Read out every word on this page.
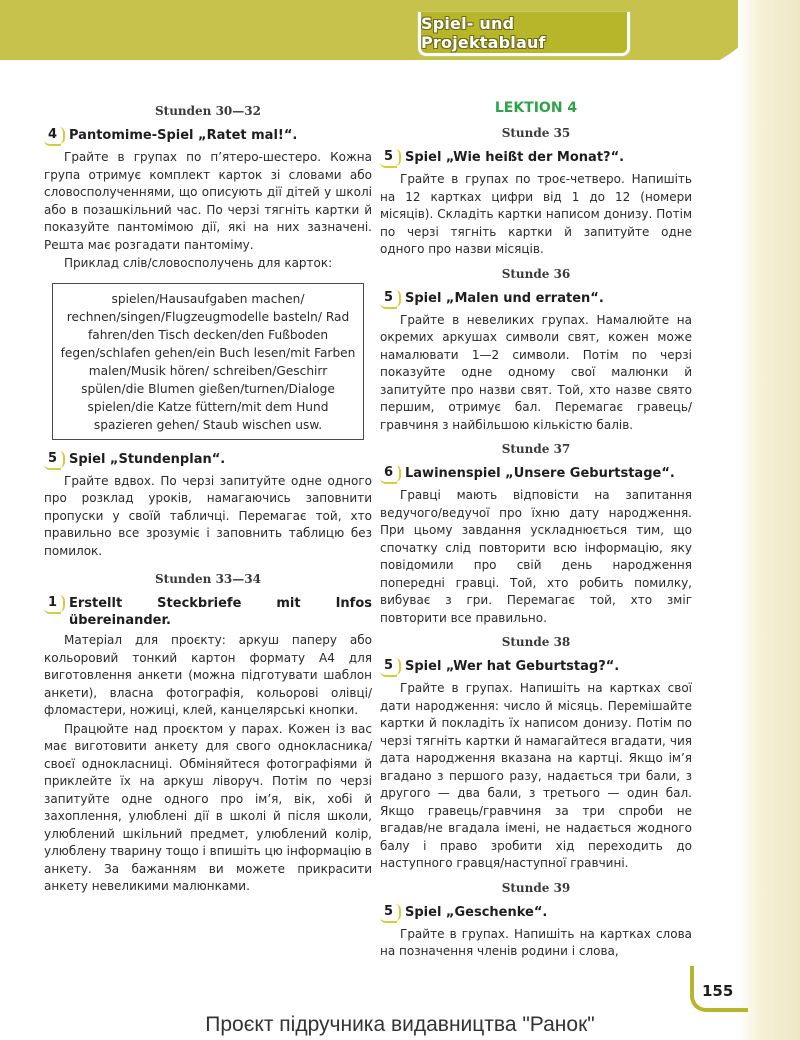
Spiel- und Projektablauf
Stunden 30—32
4 Pantomime-Spiel „Ratet mal!“.

Грайте в групах по п’ятеро-шестеро. Кожна група отримує комплект карток зі словами або словосполученнями, що описують дії дітей у школі або в позашкільний час. По черзі тягніть картки й показуйте пантомімою дії, які на них зазначені. Решта має розгадати пантоміму.

Приклад слів/словосполучень для карток:

spielen/Hausaufgaben machen/ rechnen/singen/Flugzeugmodelle basteln/ Rad fahren/den Tisch decken/den Fußboden fegen/schlafen gehen/ein Buch lesen/mit Farben malen/Musik hören/ schreiben/Geschirr spülen/die Blumen gießen/turnen/Dialoge spielen/die Katze füttern/mit dem Hund spazieren gehen/ Staub wischen usw.
5 Spiel „Stundenplan“.

Грайте вдвох. По черзі запитуйте одне одного про розклад уроків, намагаючись заповнити пропуски у своїй табличці. Перемагає той, хто правильно все зрозуміє і заповнить таблицю без помилок.

Stunden 33—34
1 Erstellt Steckbriefe mit Infos übereinander.

Матеріал для проєкту: аркуш паперу або кольоровий тонкий картон формату А4 для виготовлення анкети (можна підготувати шаблон анкети), власна фотографія, кольорові олівці/фломастери, ножиці, клей, канцелярські кнопки.

Працюйте над проєктом у парах. Кожен із вас має виготовити анкету для свого однокласника/своєї однокласниці. Обміняйтеся фотографіями й приклейте їх на аркуш ліворуч. Потім по черзі запитуйте одне одного про ім’я, вік, хобі й захоплення, улюблені дії в школі й після школи, улюблений шкільний предмет, улюблений колір, улюблену тварину тощо і впишіть цю інформацію в анкету. За бажанням ви можете прикрасити анкету невеликими малюнками.

LEKTION 4
Stunde 35
5 Spiel „Wie heißt der Monat?“.

Грайте в групах по троє-четверо. Напишіть на 12 картках цифри від 1 до 12 (номери місяців). Складіть картки написом донизу. Потім по черзі тягніть картки й запитуйте одне одного про назви місяців.

Stunde 36
5 Spiel „Malen und erraten“.

Грайте в невеликих групах. Намалюйте на окремих аркушах символи свят, кожен може намалювати 1—2 символи. Потім по черзі показуйте одне одному свої малюнки й запитуйте про назви свят. Той, хто назве свято першим, отримує бал. Перемагає гравець/гравчиня з найбільшою кількістю балів.

Stunde 37
6 Lawinenspiel „Unsere Geburtstage“.

Гравці мають відповісти на запитання ведучого/ведучої про їхню дату народження. При цьому завдання ускладнюється тим, що спочатку слід повторити всю інформацію, яку повідомили про свій день народження попередні гравці. Той, хто робить помилку, вибуває з гри. Перемагає той, хто зміг повторити все правильно.

Stunde 38
5 Spiel „Wer hat Geburtstag?“.

Грайте в групах. Напишіть на картках свої дати народження: число й місяць. Перемішайте картки й покладіть їх написом донизу. Потім по черзі тягніть картки й намагайтеся вгадати, чия дата народження вказана на картці. Якщо ім’я вгадано з першого разу, надається три бали, з другого — два бали, з третього — один бал. Якщо гравець/гравчиня за три спроби не вгадав/не вгадала імені, не надається жодного балу і право зробити хід переходить до наступного гравця/наступної гравчині.

Stunde 39
5 Spiel „Geschenke“.

Грайте в групах. Напишіть на картках слова на позначення членів родини і слова,

155
Проєкт підручника видавництва "Ранок"
